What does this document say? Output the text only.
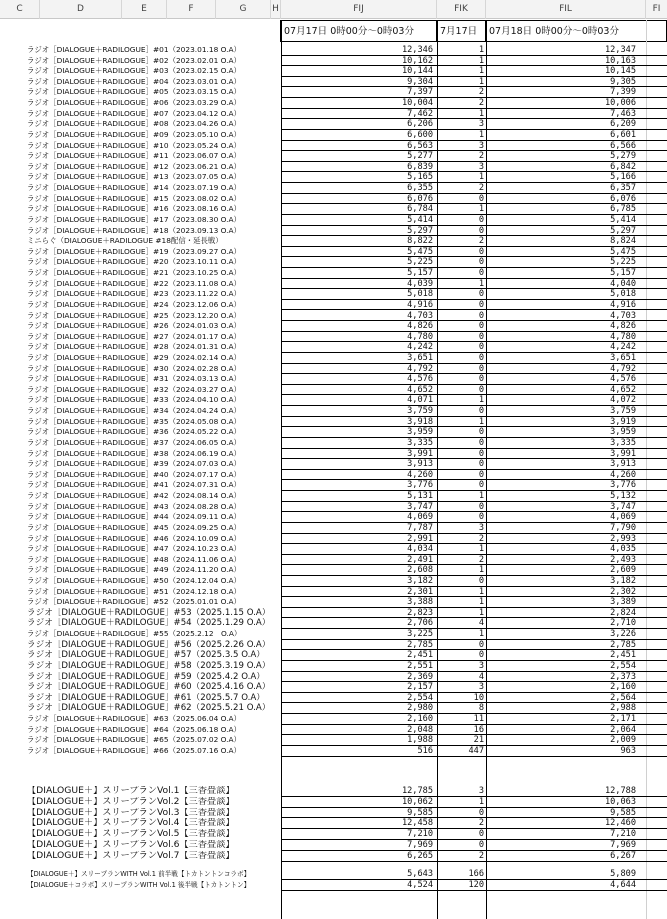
C	D	E	F	G	H	FIJ	FIK	FIL	FI
07月17日 0時00分～0時03分	7月17日	07月18日 0時00分～0時03分
ラジオ［DIALOGUE＋RADILOGUE］#01（2023.01.18 O.A）	12,346	1	12,347
ラジオ［DIALOGUE＋RADILOGUE］#02（2023.02.01 O.A）	10,162	1	10,163
ラジオ［DIALOGUE＋RADILOGUE］#03（2023.02.15 O.A）	10,144	1	10,145
ラジオ［DIALOGUE＋RADILOGUE］#04（2023.03.01 O.A）	9,304	1	9,305
ラジオ［DIALOGUE＋RADILOGUE］#05（2023.03.15 O.A）	7,397	2	7,399
ラジオ［DIALOGUE＋RADILOGUE］#06（2023.03.29 O.A）	10,004	2	10,006
ラジオ［DIALOGUE＋RADILOGUE］#07（2023.04.12 O.A）	7,462	1	7,463
ラジオ［DIALOGUE＋RADILOGUE］#08（2023.04.26 O.A）	6,206	3	6,209
ラジオ［DIALOGUE＋RADILOGUE］#09（2023.05.10 O.A）	6,600	1	6,601
ラジオ［DIALOGUE＋RADILOGUE］#10（2023.05.24 O.A）	6,563	3	6,566
ラジオ［DIALOGUE＋RADILOGUE］#11（2023.06.07 O.A）	5,277	2	5,279
ラジオ［DIALOGUE＋RADILOGUE］#12（2023.06.21 O.A）	6,839	3	6,842
ラジオ［DIALOGUE＋RADILOGUE］#13（2023.07.05 O.A）	5,165	1	5,166
ラジオ［DIALOGUE＋RADILOGUE］#14（2023.07.19 O.A）	6,355	2	6,357
ラジオ［DIALOGUE＋RADILOGUE］#15（2023.08.02 O.A）	6,076	0	6,076
ラジオ［DIALOGUE＋RADILOGUE］#16（2023.08.16 O.A）	6,784	1	6,785
ラジオ［DIALOGUE＋RADILOGUE］#17（2023.08.30 O.A）	5,414	0	5,414
ラジオ［DIALOGUE＋RADILOGUE］#18（2023.09.13 O.A）	5,297	0	5,297
ミニらぐ（DIALOGUE＋RADILOGUE #18配信・延長戦）	8,822	2	8,824
ラジオ［DIALOGUE＋RADILOGUE］#19（2023.09.27 O.A）	5,475	0	5,475
ラジオ［DIALOGUE＋RADILOGUE］#20（2023.10.11 O.A）	5,225	0	5,225
ラジオ［DIALOGUE＋RADILOGUE］#21（2023.10.25 O.A）	5,157	0	5,157
ラジオ［DIALOGUE＋RADILOGUE］#22（2023.11.08 O.A）	4,039	1	4,040
ラジオ［DIALOGUE＋RADILOGUE］#23（2023.11.22 O.A）	5,018	0	5,018
ラジオ［DIALOGUE＋RADILOGUE］#24（2023.12.06 O.A）	4,916	0	4,916
ラジオ［DIALOGUE＋RADILOGUE］#25（2023.12.20 O.A）	4,703	0	4,703
ラジオ［DIALOGUE＋RADILOGUE］#26（2024.01.03 O.A）	4,826	0	4,826
ラジオ［DIALOGUE＋RADILOGUE］#27（2024.01.17 O.A）	4,780	0	4,780
ラジオ［DIALOGUE＋RADILOGUE］#28（2024.01.31 O.A）	4,242	0	4,242
ラジオ［DIALOGUE＋RADILOGUE］#29（2024.02.14 O.A）	3,651	0	3,651
ラジオ［DIALOGUE＋RADILOGUE］#30（2024.02.28 O.A）	4,792	0	4,792
ラジオ［DIALOGUE＋RADILOGUE］#31（2024.03.13 O.A）	4,576	0	4,576
ラジオ［DIALOGUE＋RADILOGUE］#32（2024.03.27 O.A）	4,652	0	4,652
ラジオ［DIALOGUE＋RADILOGUE］#33（2024.04.10 O.A）	4,071	1	4,072
ラジオ［DIALOGUE＋RADILOGUE］#34（2024.04.24 O.A）	3,759	0	3,759
ラジオ［DIALOGUE＋RADILOGUE］#35（2024.05.08 O.A）	3,918	1	3,919
ラジオ［DIALOGUE＋RADILOGUE］#36（2024.05.22 O.A）	3,959	0	3,959
ラジオ［DIALOGUE＋RADILOGUE］#37（2024.06.05 O.A）	3,335	0	3,335
ラジオ［DIALOGUE＋RADILOGUE］#38（2024.06.19 O.A）	3,991	0	3,991
ラジオ［DIALOGUE＋RADILOGUE］#39（2024.07.03 O.A）	3,913	0	3,913
ラジオ［DIALOGUE＋RADILOGUE］#40（2024.07.17 O.A）	4,260	0	4,260
ラジオ［DIALOGUE＋RADILOGUE］#41（2024.07.31 O.A）	3,776	0	3,776
ラジオ［DIALOGUE＋RADILOGUE］#42（2024.08.14 O.A）	5,131	1	5,132
ラジオ［DIALOGUE＋RADILOGUE］#43（2024.08.28 O.A）	3,747	0	3,747
ラジオ［DIALOGUE＋RADILOGUE］#44（2024.09.11 O.A）	4,069	0	4,069
ラジオ［DIALOGUE＋RADILOGUE］#45（2024.09.25 O.A）	7,787	3	7,790
ラジオ［DIALOGUE＋RADILOGUE］#46（2024.10.09 O.A）	2,991	2	2,993
ラジオ［DIALOGUE＋RADILOGUE］#47（2024.10.23 O.A）	4,034	1	4,035
ラジオ［DIALOGUE＋RADILOGUE］#48（2024.11.06 O.A）	2,491	2	2,493
ラジオ［DIALOGUE＋RADILOGUE］#49（2024.11.20 O.A）	2,608	1	2,609
ラジオ［DIALOGUE＋RADILOGUE］#50（2024.12.04 O.A）	3,182	0	3,182
ラジオ［DIALOGUE＋RADILOGUE］#51（2024.12.18 O.A）	2,301	1	2,302
ラジオ［DIALOGUE＋RADILOGUE］#52（2025.01.01 O.A）	3,388	1	3,389
ラジオ［DIALOGUE＋RADILOGUE］#53（2025.1.15 O.A）	2,823	1	2,824
ラジオ［DIALOGUE＋RADILOGUE］#54（2025.1.29 O.A）	2,706	4	2,710
ラジオ［DIALOGUE＋RADILOGUE］#55（2025.2.12　O.A）	3,225	1	3,226
ラジオ［DIALOGUE＋RADILOGUE］#56（2025.2.26 O.A）	2,785	0	2,785
ラジオ［DIALOGUE＋RADILOGUE］#57（2025.3.5 O.A）	2,451	0	2,451
ラジオ［DIALOGUE＋RADILOGUE］#58（2025.3.19 O.A）	2,551	3	2,554
ラジオ［DIALOGUE＋RADILOGUE］#59（2025.4.2 O.A）	2,369	4	2,373
ラジオ［DIALOGUE＋RADILOGUE］#60（2025.4.16 O.A）	2,157	3	2,160
ラジオ［DIALOGUE＋RADILOGUE］#61（2025.5.7 O.A）	2,554	10	2,564
ラジオ［DIALOGUE＋RADILOGUE］#62（2025.5.21 O.A）	2,980	8	2,988
ラジオ［DIALOGUE＋RADILOGUE］#63（2025.06.04 O.A）	2,160	11	2,171
ラジオ［DIALOGUE＋RADILOGUE］#64（2025.06.18 O.A）	2,048	16	2,064
ラジオ［DIALOGUE＋RADILOGUE］#65（2025.07.02 O.A）	1,988	21	2,009
ラジオ［DIALOGUE＋RADILOGUE］#66（2025.07.16 O.A）	516	447	963
【DIALOGUE＋】スリープランVol.1【三香畳談】	12,785	3	12,788
【DIALOGUE＋】スリープランVol.2【三香畳談】	10,062	1	10,063
【DIALOGUE＋】スリープランVol.3【三香畳談】	9,585	0	9,585
【DIALOGUE＋】スリープランVol.4【三香畳談】	12,458	2	12,460
【DIALOGUE＋】スリープランVol.5【三香畳談】	7,210	0	7,210
【DIALOGUE＋】スリープランVol.6【三香畳談】	7,969	0	7,969
【DIALOGUE＋】スリープランVol.7【三香畳談】	6,265	2	6,267
【DIALOGUE＋】スリープランWITH Vol.1 前半戦【トカトントンコラボ】	5,643	166	5,809
【DIALOGUE＋コラボ】スリープランWITH Vol.1 後半戦【トカトントン】	4,524	120	4,644
